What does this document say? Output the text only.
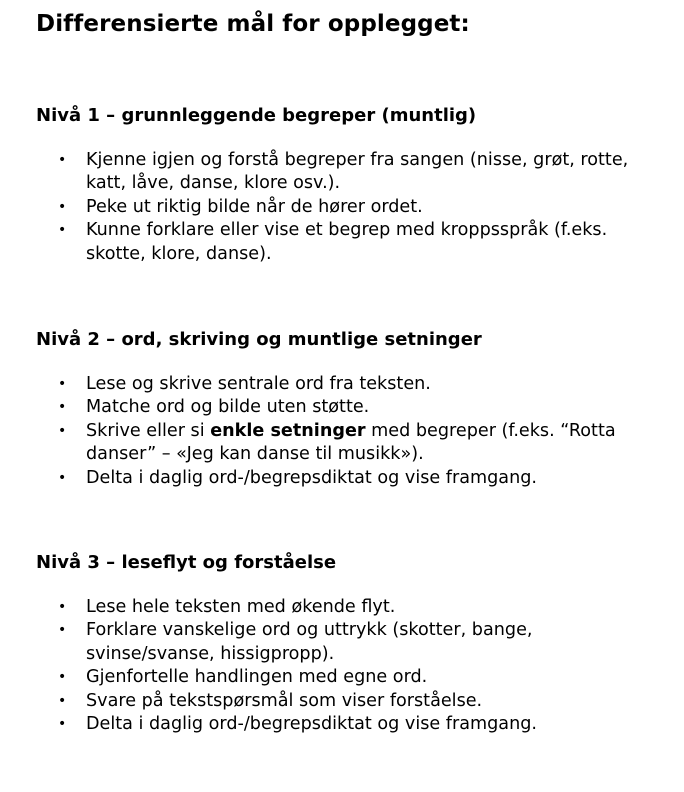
Differensierte mål for opplegget:
Nivå 1 – grunnleggende begreper (muntlig)
• Kjenne igjen og forstå begreper fra sangen (nisse, grøt, rotte, katt, låve, danse, klore osv.).
• Peke ut riktig bilde når de hører ordet.
• Kunne forklare eller vise et begrep med kroppsspråk (f.eks. skotte, klore, danse).
Nivå 2 – ord, skriving og muntlige setninger
• Lese og skrive sentrale ord fra teksten.
• Matche ord og bilde uten støtte.
• Skrive eller si enkle setninger med begreper (f.eks. “Rotta danser” – «Jeg kan danse til musikk»).
• Delta i daglig ord-/begrepsdiktat og vise framgang.
Nivå 3 – leseflyt og forståelse
• Lese hele teksten med økende flyt.
• Forklare vanskelige ord og uttrykk (skotter, bange, svinse/svanse, hissigpropp).
• Gjenfortelle handlingen med egne ord.
• Svare på tekstspørsmål som viser forståelse.
• Delta i daglig ord-/begrepsdiktat og vise framgang.
